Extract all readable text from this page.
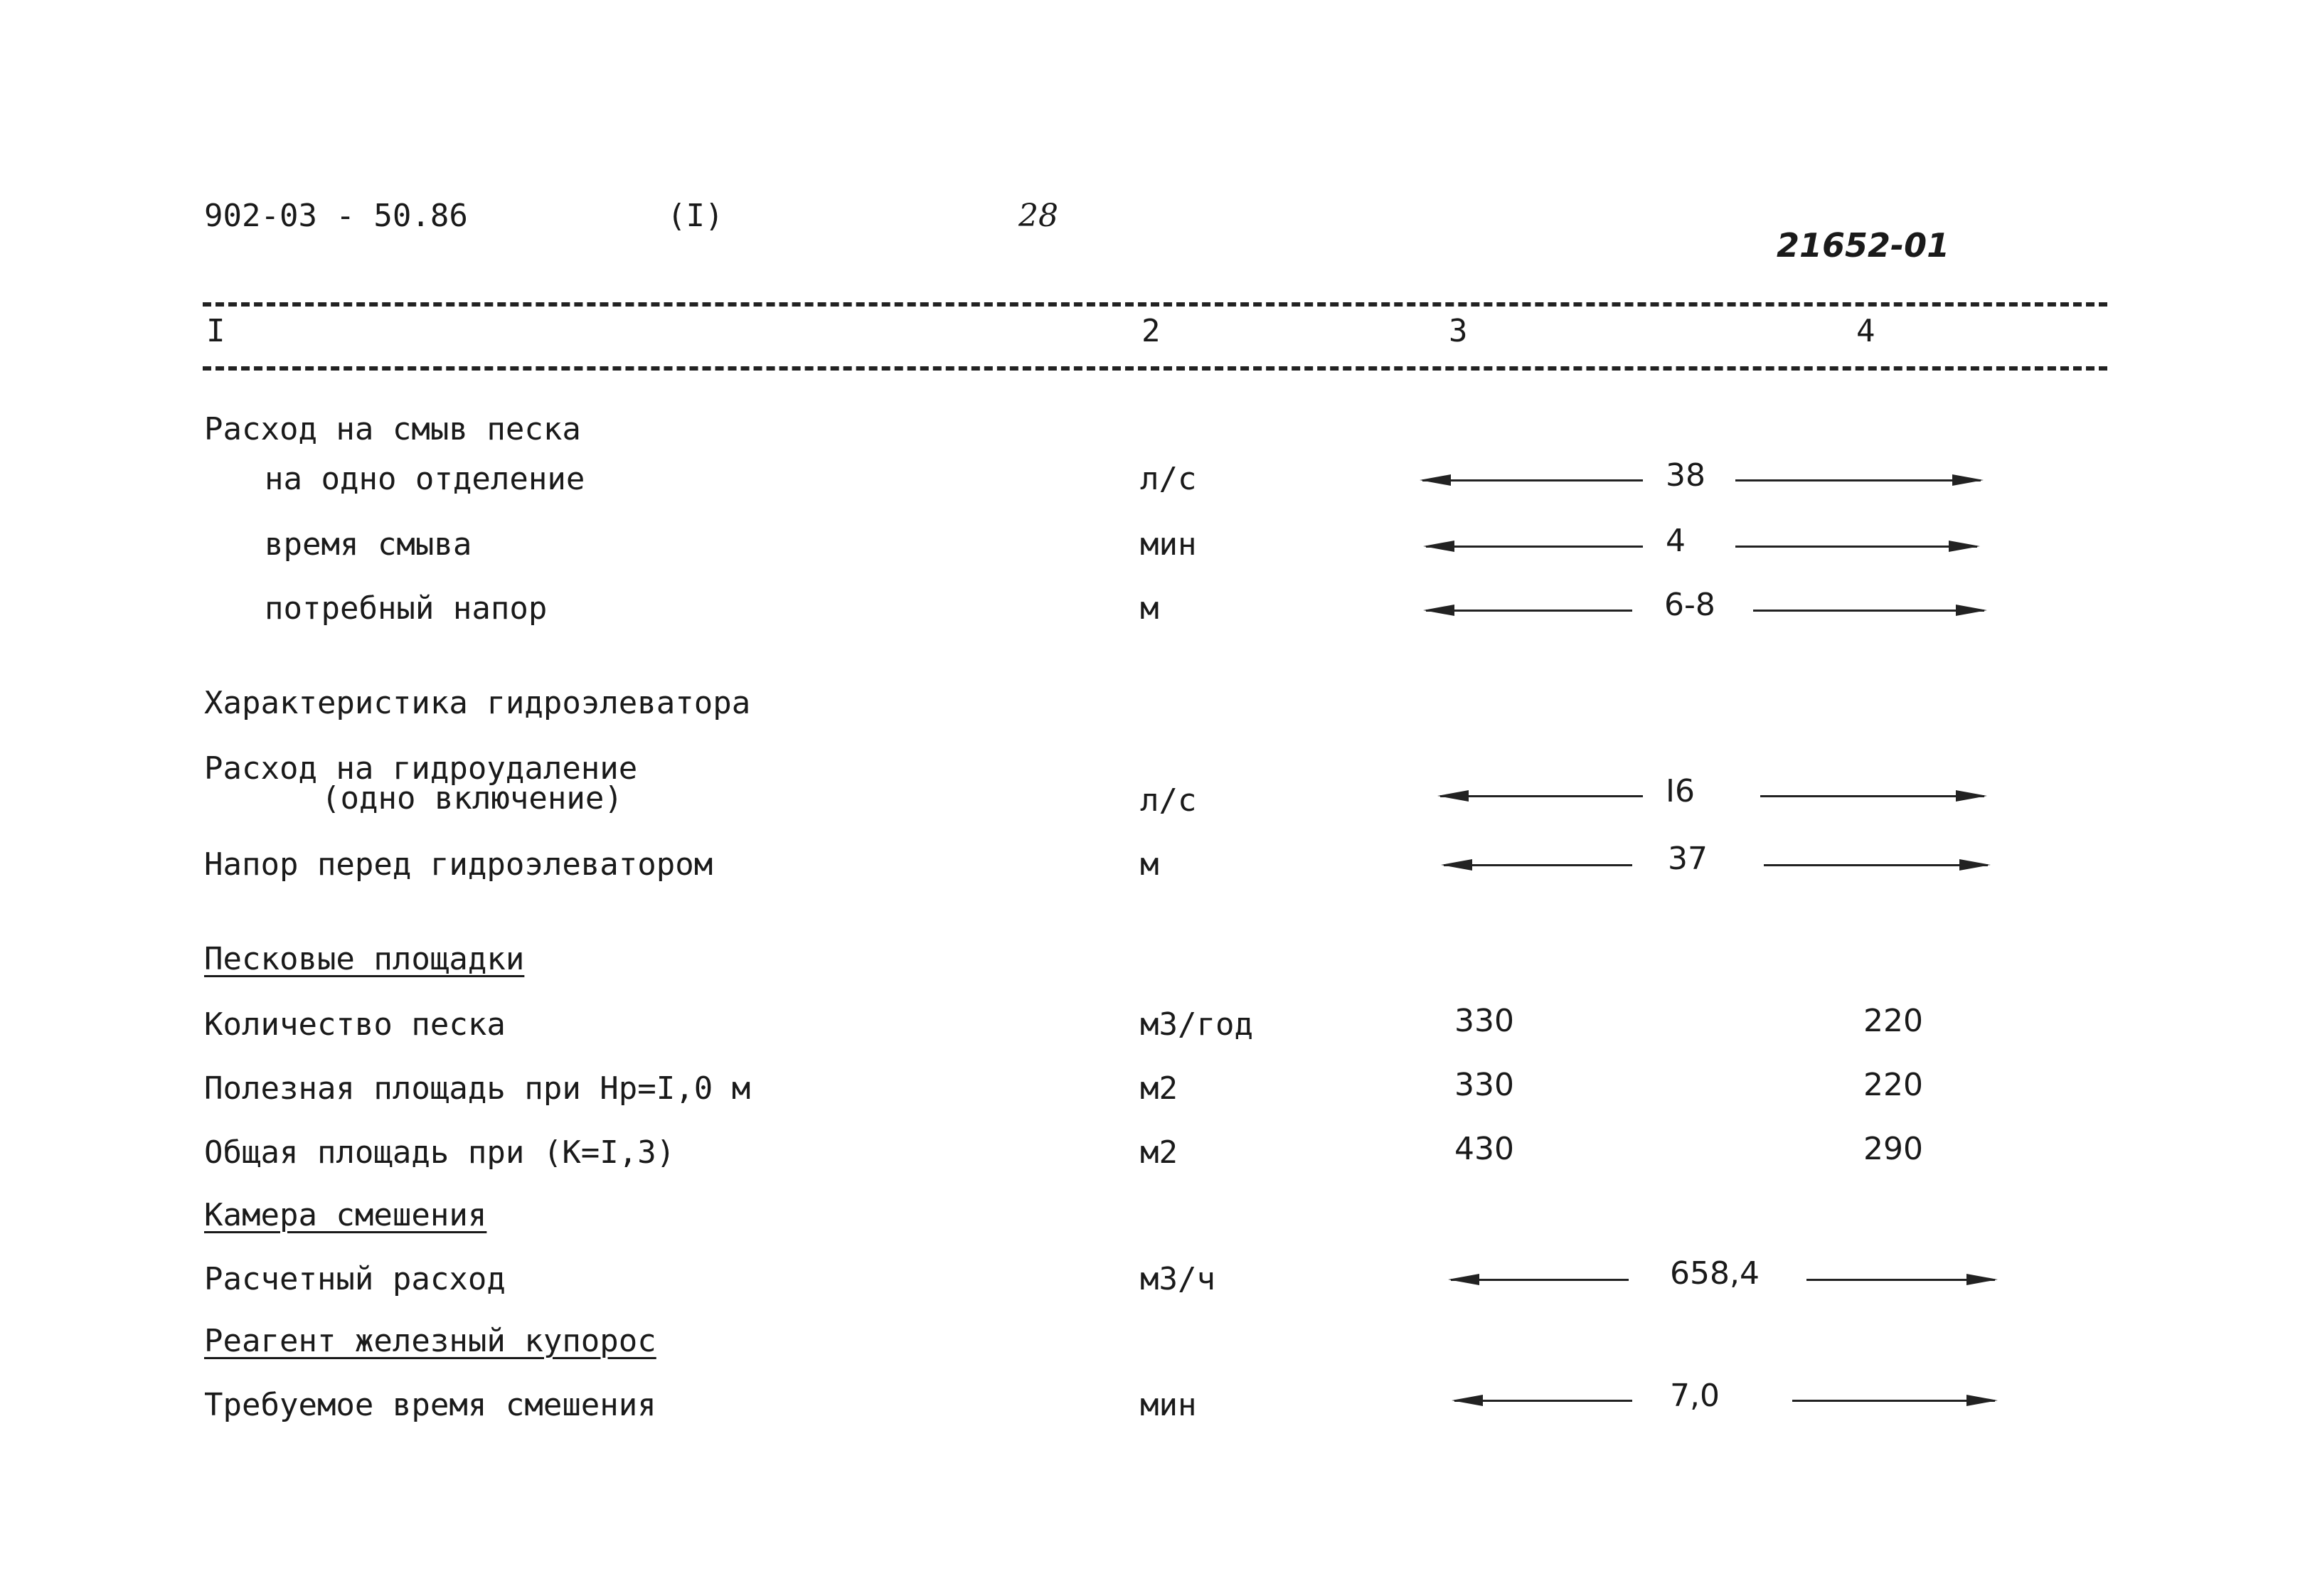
902-03 - 50.86	(I)	28
21652-01
I	2	3	4
Расход на смыв песка
на одно отделение	л/с	38
время смыва	мин	4
потребный напор	м	6-8
Характеристика гидроэлеватора
Расход на гидроудаление
(одно включение)	л/с	I6
Напор перед гидроэлеватором	м	37
Песковые площадки
Количество песка	м3/год	330	220
Полезная площадь при Нр=I,0 м	м2	330	220
Общая площадь при (К=I,3)	м2	430	290
Камера смешения
Расчетный расход	м3/ч	658,4
Реагент железный купорос
Требуемое время смешения	мин	7,0
